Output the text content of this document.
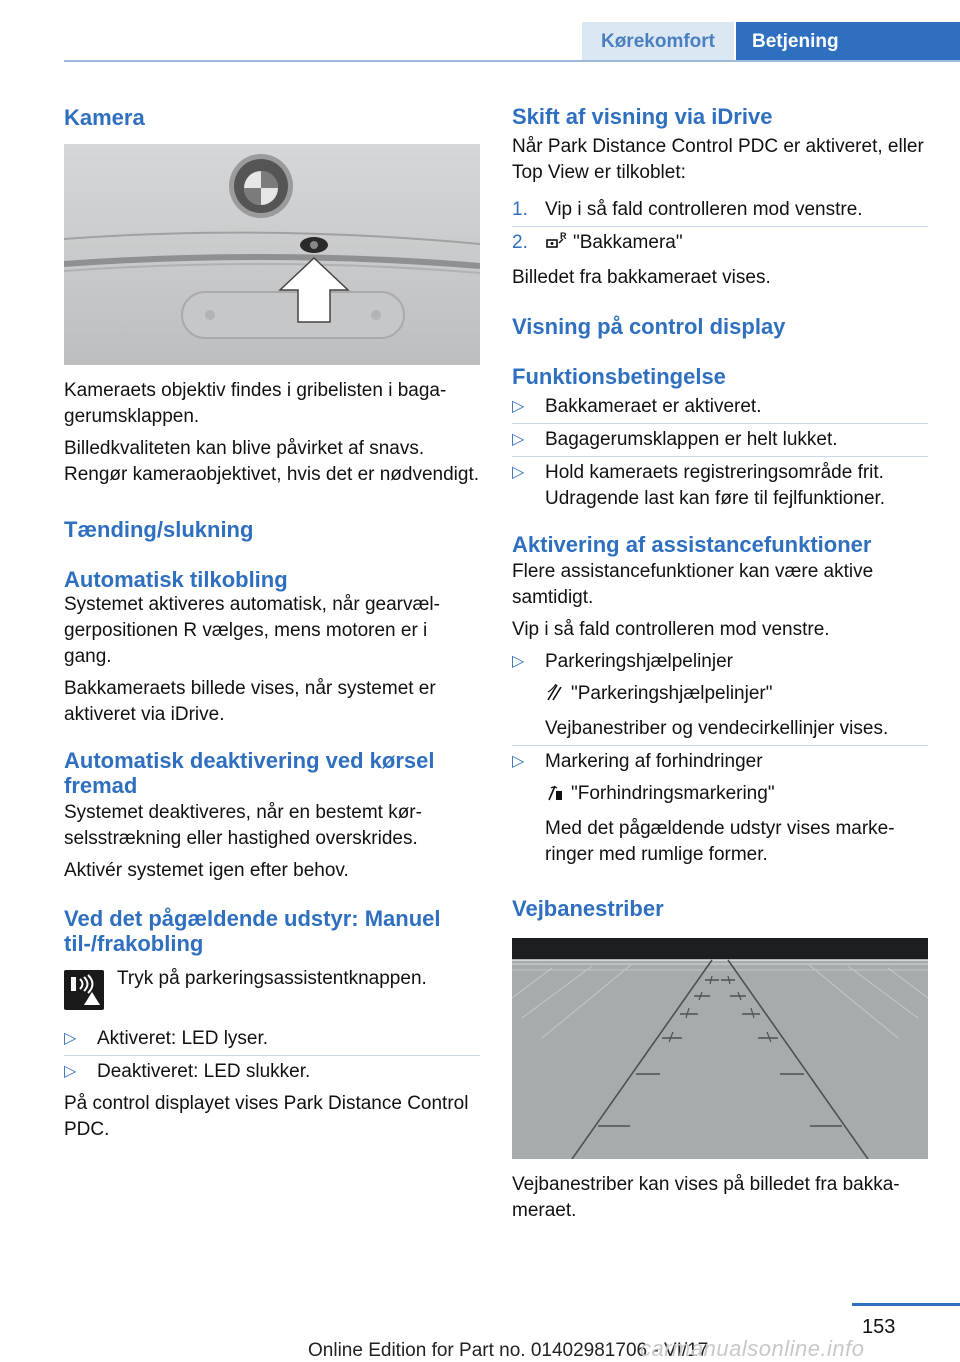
Kørekomfort	Betjening
Kamera

Kameraets objektiv findes i gribelisten i bagagerumsklappen.

Billedkvaliteten kan blive påvirket af snavs. Rengør kameraobjektivet, hvis det er nødvendigt.

Tænding/slukning
Automatisk tilkobling

Systemet aktiveres automatisk, når gearvælgerpositionen R vælges, mens motoren er i gang.

Bakkameraets billede vises, når systemet er aktiveret via iDrive.

Automatisk deaktivering ved kørsel fremad

Systemet deaktiveres, når en bestemt kørselsstrækning eller hastighed overskrides.

Aktivér systemet igen efter behov.

Ved det pågældende udstyr: Manuel til-/frakobling
Tryk på parkeringsassistentknappen.
▷ Aktiveret: LED lyser.
▷ Deaktiveret: LED slukker.

På control displayet vises Park Distance Control PDC.

Skift af visning via iDrive

Når Park Distance Control PDC er aktiveret, eller Top View er tilkoblet:

1. Vip i så fald controlleren mod venstre.
2.	R "Bakkamera"

Billedet fra bakkameraet vises.

Visning på control display
Funktionsbetingelse
▷ Bakkameraet er aktiveret.
▷ Bagagerumsklappen er helt lukket.
▷ Hold kameraets registreringsområde frit. Udragende last kan føre til fejlfunktioner.
Aktivering af assistancefunktioner

Flere assistancefunktioner kan være aktive samtidigt.

Vip i så fald controlleren mod venstre.

▷ Parkeringshjælpelinjer
"Parkeringshjælpelinjer"
Vejbanestriber og vendecirkellinjer vises.
▷ Markering af forhindringer
"Forhindringsmarkering"
Med det pågældende udstyr vises markeringer med rumlige former.
Vejbanestriber

Vejbanestriber kan vises på billedet fra bakkameraet.

153
Online Edition for Part no. 01402981706 - VI/17
carmanualsonline.info
